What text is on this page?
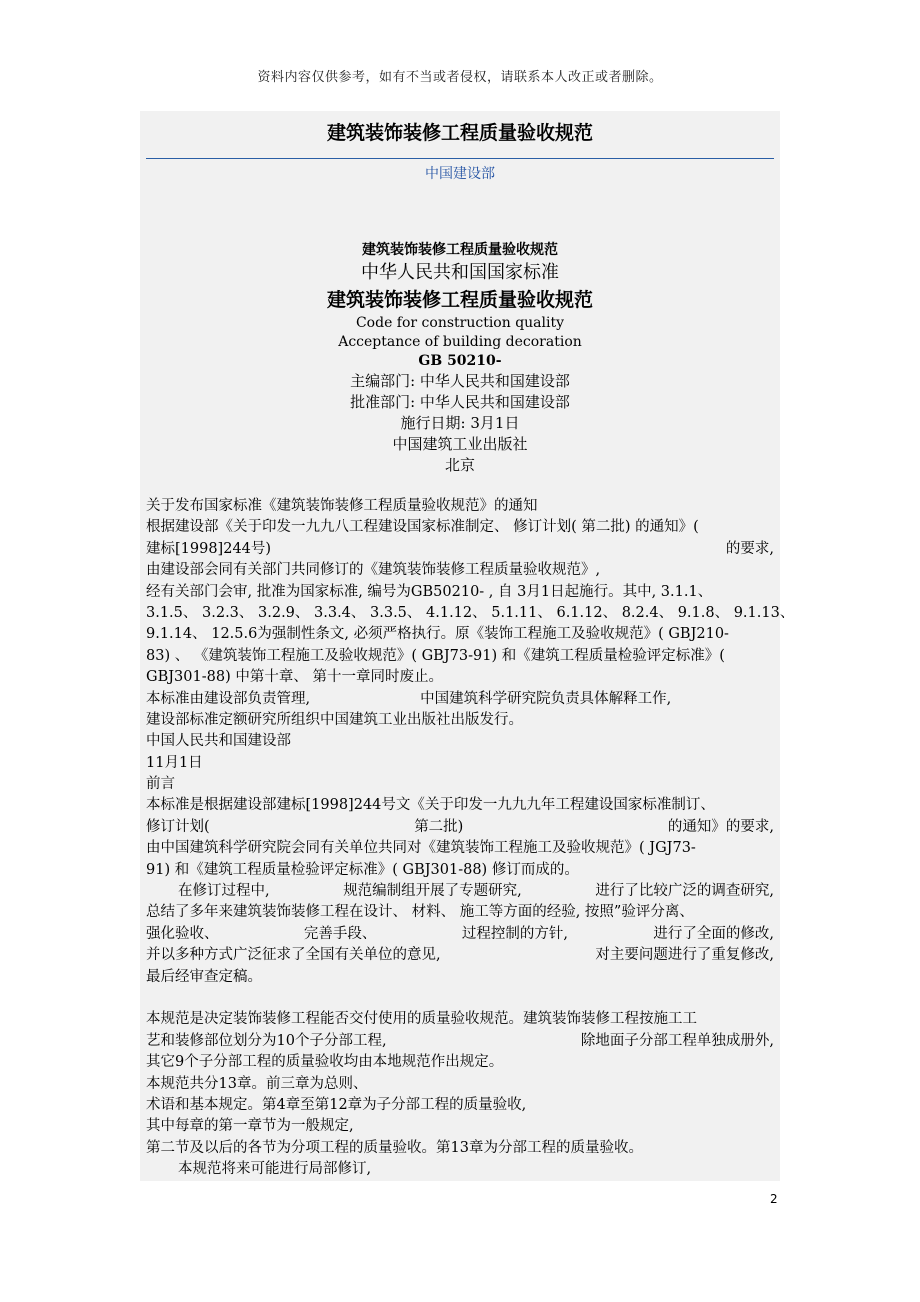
资料内容仅供参考，如有不当或者侵权，请联系本人改正或者删除。
建筑装饰装修工程质量验收规范
中国建设部
建筑装饰装修工程质量验收规范
中华人民共和国国家标准
建筑装饰装修工程质量验收规范
Code for construction quality
Acceptance of building decoration
GB 50210-
主编部门: 中华人民共和国建设部
批准部门: 中华人民共和国建设部
施行日期: 3月1日
中国建筑工业出版社
北京
关于发布国家标准《建筑装饰装修工程质量验收规范》的通知
根据建设部《关于印发一九九八工程建设国家标准制定、 修订计划( 第二批) 的通知》(
建标[1998]244号)	的要求,
由建设部会同有关部门共同修订的《建筑装饰装修工程质量验收规范》,
经有关部门会审, 批准为国家标准, 编号为GB50210- , 自 3月1日起施行。其中, 3.1.1、
3.1.5、 3.2.3、 3.2.9、 3.3.4、 3.3.5、 4.1.12、 5.1.11、 6.1.12、 8.2.4、 9.1.8、 9.1.13、
9.1.14、 12.5.6为强制性条文, 必须严格执行。原《装饰工程施工及验收规范》( GBJ210-
83) 、 《建筑装饰工程施工及验收规范》( GBJ73-91) 和《建筑工程质量检验评定标准》(
GBJ301-88) 中第十章、 第十一章同时废止。
本标准由建设部负责管理,	中国建筑科学研究院负责具体解释工作,
建设部标准定额研究所组织中国建筑工业出版社出版发行。
中国人民共和国建设部
11月1日
前言
本标准是根据建设部建标[1998]244号文《关于印发一九九九年工程建设国家标准制订、
修订计划(	第二批)	的通知》的要求,
由中国建筑科学研究院会同有关单位共同对《建筑装饰工程施工及验收规范》( JGJ73-
91) 和《建筑工程质量检验评定标准》( GBJ301-88) 修订而成的。
在修订过程中,	规范编制组开展了专题研究,	进行了比较广泛的调查研究,
总结了多年来建筑装饰装修工程在设计、 材料、 施工等方面的经验, 按照”验评分离、
强化验收、	完善手段、	过程控制的方针,	进行了全面的修改,
并以多种方式广泛征求了全国有关单位的意见,	对主要问题进行了重复修改,
最后经审查定稿。
本规范是决定装饰装修工程能否交付使用的质量验收规范。建筑装饰装修工程按施工工
艺和装修部位划分为10个子分部工程,	除地面子分部工程单独成册外,
其它9个子分部工程的质量验收均由本地规范作出规定。
本规范共分13章。前三章为总则、
术语和基本规定。第4章至第12章为子分部工程的质量验收,
其中每章的第一章节为一般规定,
第二节及以后的各节为分项工程的质量验收。第13章为分部工程的质量验收。
本规范将来可能进行局部修订,
2
